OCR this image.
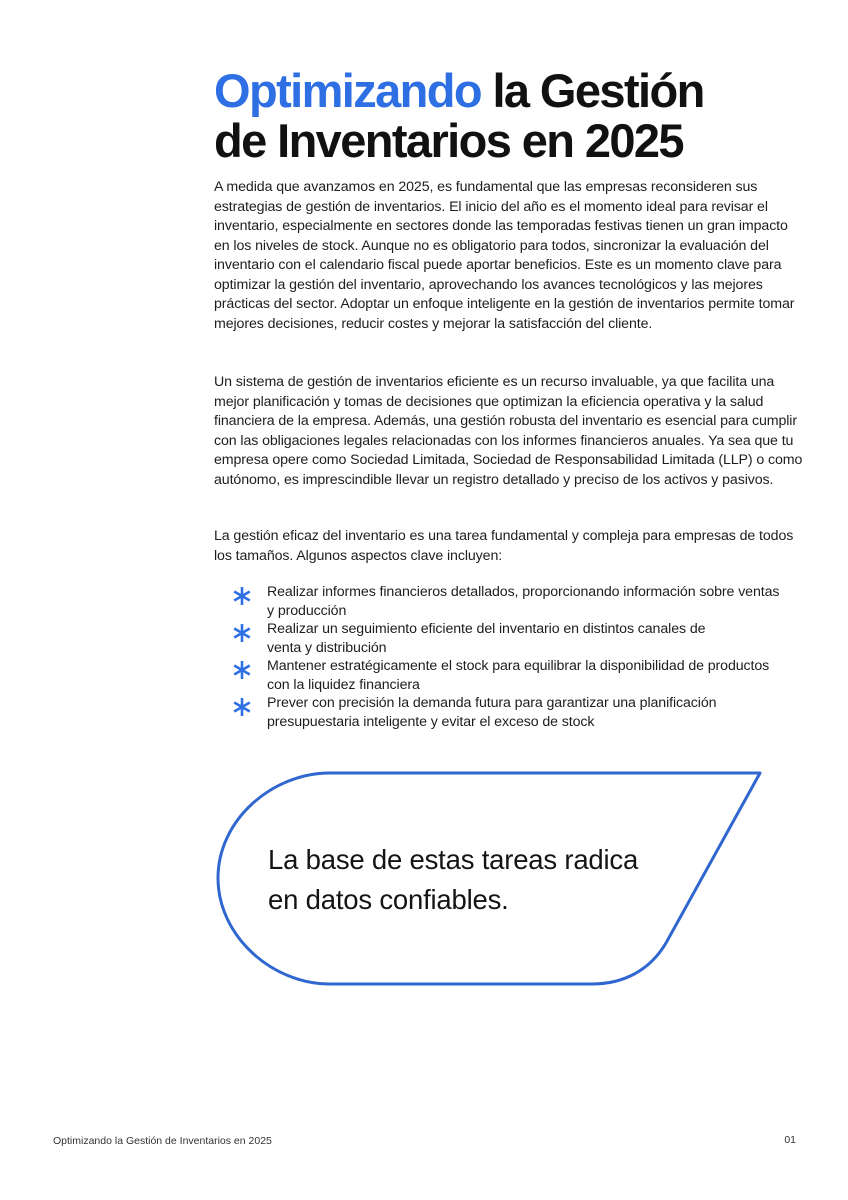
Optimizando la Gestión
de Inventarios en 2025

A medida que avanzamos en 2025, es fundamental que las empresas reconsideren sus estrategias de gestión de inventarios. El inicio del año es el momento ideal para revisar el inventario, especialmente en sectores donde las temporadas festivas tienen un gran impacto en los niveles de stock. Aunque no es obligatorio para todos, sincronizar la evaluación del inventario con el calendario fiscal puede aportar beneficios. Este es un momento clave para optimizar la gestión del inventario, aprovechando los avances tecnológicos y las mejores prácticas del sector. Adoptar un enfoque inteligente en la gestión de inventarios permite tomar mejores decisiones, reducir costes y mejorar la satisfacción del cliente.

Un sistema de gestión de inventarios eficiente es un recurso invaluable, ya que facilita una mejor planificación y tomas de decisiones que optimizan la eficiencia operativa y la salud financiera de la empresa. Además, una gestión robusta del inventario es esencial para cumplir con las obligaciones legales relacionadas con los informes financieros anuales. Ya sea que tu empresa opere como Sociedad Limitada, Sociedad de Responsabilidad Limitada (LLP) o como autónomo, es imprescindible llevar un registro detallado y preciso de los activos y pasivos.

La gestión eficaz del inventario es una tarea fundamental y compleja para empresas de todos los tamaños. Algunos aspectos clave incluyen:

Realizar informes financieros detallados, proporcionando información sobre ventas
y producción
Realizar un seguimiento eficiente del inventario en distintos canales de
venta y distribución
Mantener estratégicamente el stock para equilibrar la disponibilidad de productos
con la liquidez financiera
Prever con precisión la demanda futura para garantizar una planificación
presupuestaria inteligente y evitar el exceso de stock

La base de estas tareas radica
en datos confiables.

Optimizando la Gestión de Inventarios en 2025	01
